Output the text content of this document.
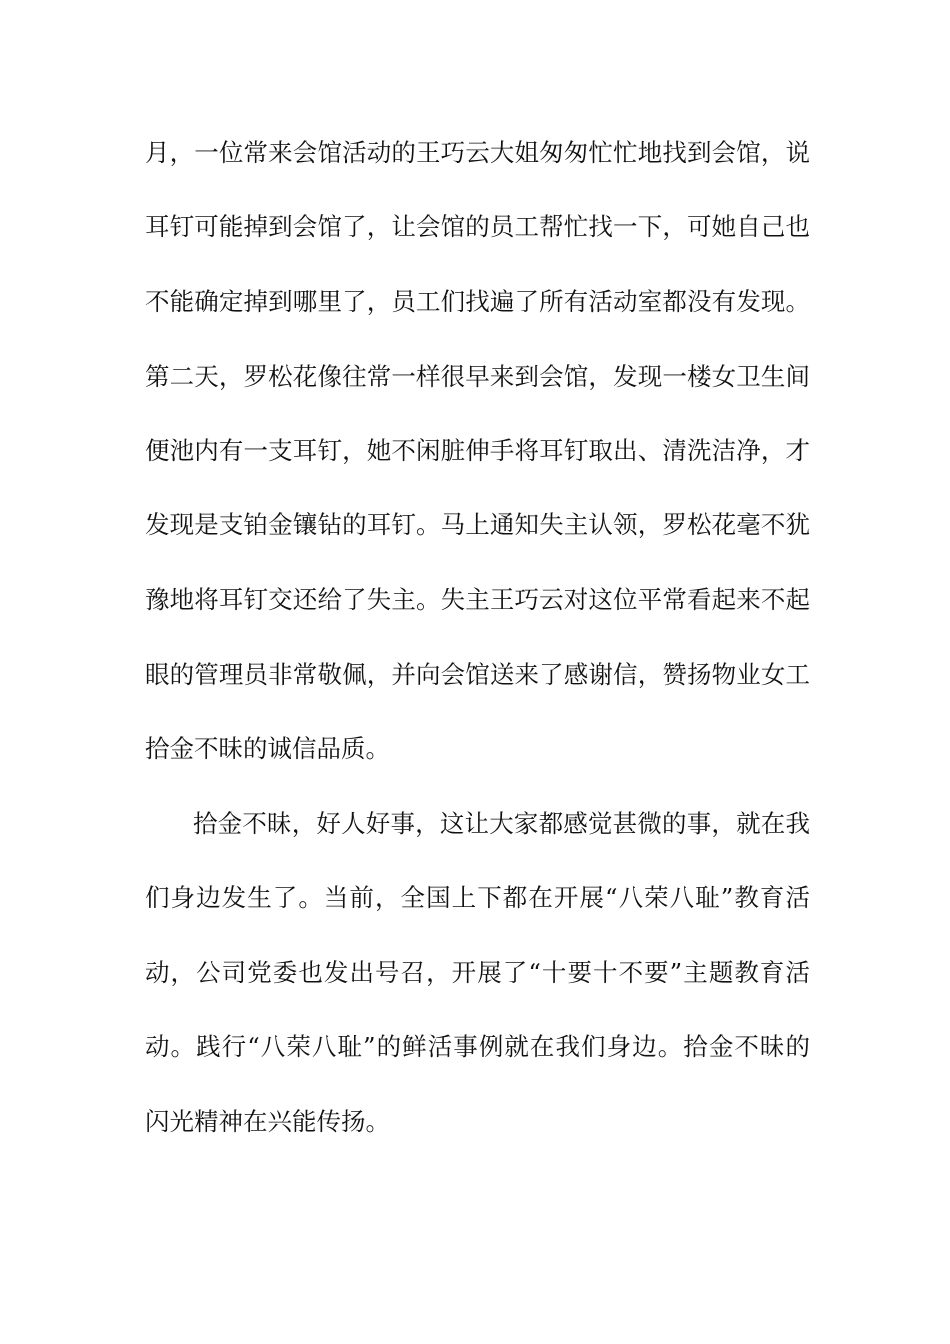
月，一位常来会馆活动的王巧云大姐匆匆忙忙地找到会馆，说
耳钉可能掉到会馆了，让会馆的员工帮忙找一下，可她自己也
不能确定掉到哪里了，员工们找遍了所有活动室都没有发现。
第二天，罗松花像往常一样很早来到会馆，发现一楼女卫生间
便池内有一支耳钉，她不闲脏伸手将耳钉取出、清洗洁净，才
发现是支铂金镶钻的耳钉。马上通知失主认领，罗松花毫不犹
豫地将耳钉交还给了失主。失主王巧云对这位平常看起来不起
眼的管理员非常敬佩，并向会馆送来了感谢信，赞扬物业女工
拾金不昧的诚信品质。
拾金不昧，好人好事，这让大家都感觉甚微的事，就在我
们身边发生了。当前，全国上下都在开展“八荣八耻”教育活
动，公司党委也发出号召，开展了“十要十不要”主题教育活
动。践行“八荣八耻”的鲜活事例就在我们身边。拾金不昧的
闪光精神在兴能传扬。
